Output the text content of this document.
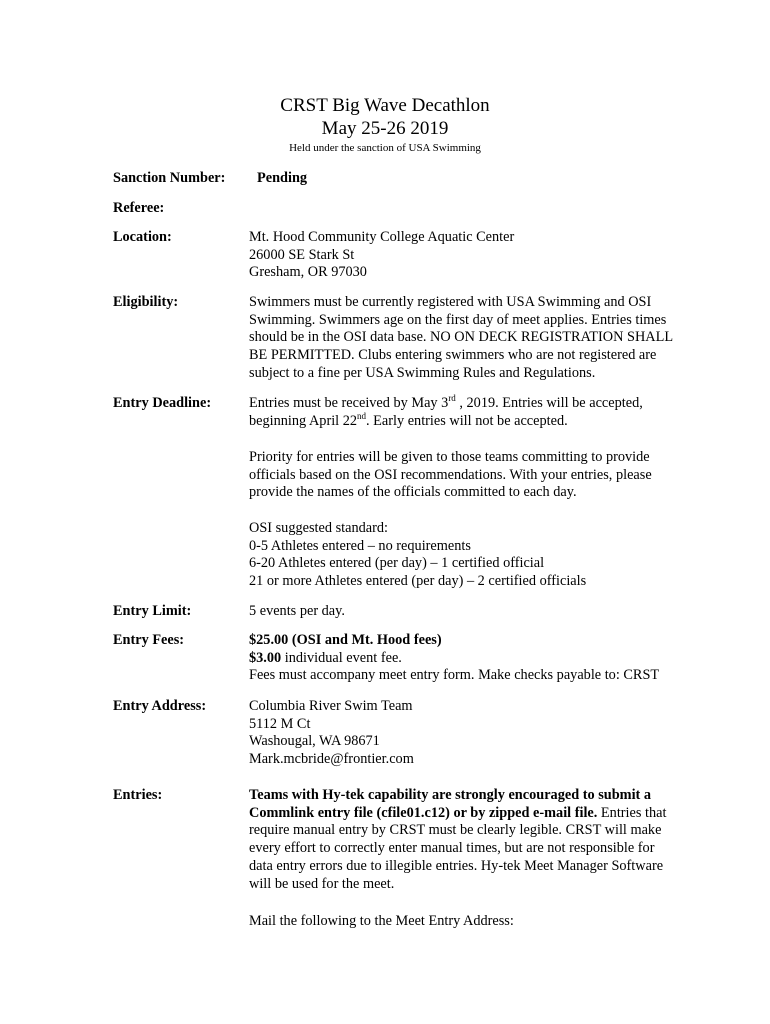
CRST Big Wave Decathlon
May 25-26 2019
Held under the sanction of USA Swimming
Sanction Number: Pending
Referee:
Location:	Mt. Hood Community College Aquatic Center

26000 SE Stark St

Gresham, OR 97030

Eligibility:	Swimmers must be currently registered with USA Swimming and OSI

Swimming. Swimmers age on the first day of meet applies. Entries times

should be in the OSI data base. NO ON DECK REGISTRATION SHALL

BE PERMITTED. Clubs entering swimmers who are not registered are

subject to a fine per USA Swimming Rules and Regulations.

Entry Deadline:	Entries must be received by May 3rd , 2019. Entries will be accepted,

beginning April 22nd. Early entries will not be accepted.

Priority for entries will be given to those teams committing to provide

officials based on the OSI recommendations. With your entries, please

provide the names of the officials committed to each day.

OSI suggested standard:

0-5 Athletes entered – no requirements

6-20 Athletes entered (per day) – 1 certified official

21 or more Athletes entered (per day) – 2 certified officials

Entry Limit:	5 events per day.
Entry Fees:	$25.00 (OSI and Mt. Hood fees)

$3.00 individual event fee.

Fees must accompany meet entry form. Make checks payable to: CRST

Entry Address:	Columbia River Swim Team

5112 M Ct

Washougal, WA 98671

Mark.mcbride@frontier.com

Entries:	Teams with Hy-tek capability are strongly encouraged to submit a

Commlink entry file (cfile01.c12) or by zipped e-mail file. Entries that

require manual entry by CRST must be clearly legible. CRST will make

every effort to correctly enter manual times, but are not responsible for

data entry errors due to illegible entries. Hy-tek Meet Manager Software

will be used for the meet.

Mail the following to the Meet Entry Address:
